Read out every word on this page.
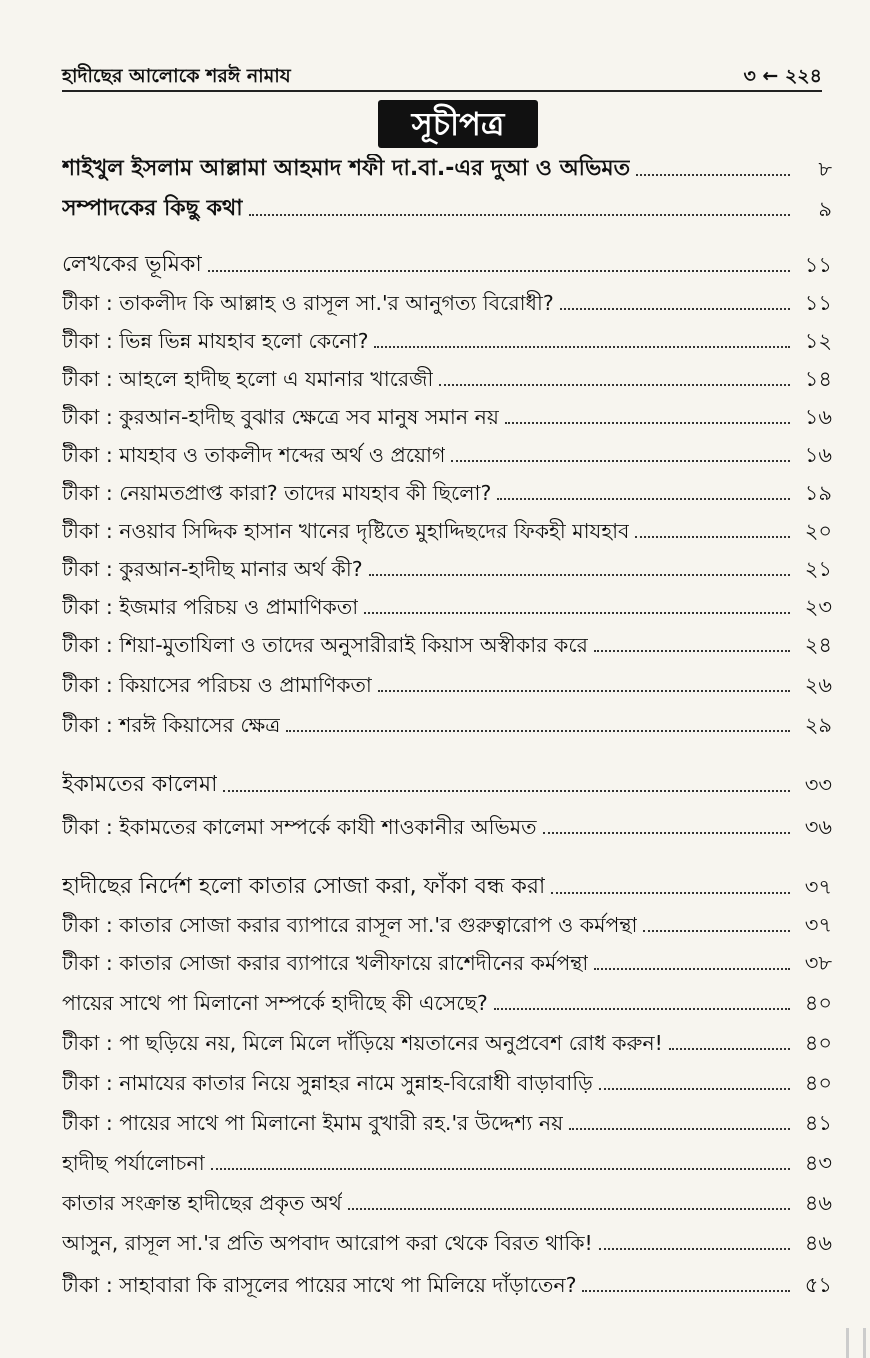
হাদীছের আলোকে শরঈ নামায	৩ ← ২২৪
সূচীপত্র
শাইখুল ইসলাম আল্লামা আহমাদ শফী দা.বা.-এর দুআ ও অভিমত	৮
সম্পাদকের কিছু কথা	৯
লেখকের ভূমিকা	১১
টীকা : তাকলীদ কি আল্লাহ ও রাসূল সা.'র আনুগত্য বিরোধী?	১১
টীকা : ভিন্ন ভিন্ন মাযহাব হলো কেনো?	১২
টীকা : আহলে হাদীছ হলো এ যমানার খারেজী	১৪
টীকা : কুরআন-হাদীছ বুঝার ক্ষেত্রে সব মানুষ সমান নয়	১৬
টীকা : মাযহাব ও তাকলীদ শব্দের অর্থ ও প্রয়োগ	১৬
টীকা : নেয়ামতপ্রাপ্ত কারা? তাদের মাযহাব কী ছিলো?	১৯
টীকা : নওয়াব সিদ্দিক হাসান খানের দৃষ্টিতে মুহাদ্দিছদের ফিকহী মাযহাব	২০
টীকা : কুরআন-হাদীছ মানার অর্থ কী?	২১
টীকা : ইজমার পরিচয় ও প্রামাণিকতা	২৩
টীকা : শিয়া-মুতাযিলা ও তাদের অনুসারীরাই কিয়াস অস্বীকার করে	২৪
টীকা : কিয়াসের পরিচয় ও প্রামাণিকতা	২৬
টীকা : শরঈ কিয়াসের ক্ষেত্র	২৯
ইকামতের কালেমা	৩৩
টীকা : ইকামতের কালেমা সম্পর্কে কাযী শাওকানীর অভিমত	৩৬
হাদীছের নির্দেশ হলো কাতার সোজা করা, ফাঁকা বন্ধ করা	৩৭
টীকা : কাতার সোজা করার ব্যাপারে রাসূল সা.'র গুরুত্বারোপ ও কর্মপন্থা	৩৭
টীকা : কাতার সোজা করার ব্যাপারে খলীফায়ে রাশেদীনের কর্মপন্থা	৩৮
পায়ের সাথে পা মিলানো সম্পর্কে হাদীছে কী এসেছে?	৪০
টীকা : পা ছড়িয়ে নয়, মিলে মিলে দাঁড়িয়ে শয়তানের অনুপ্রবেশ রোধ করুন!	৪০
টীকা : নামাযের কাতার নিয়ে সুন্নাহর নামে সুন্নাহ-বিরোধী বাড়াবাড়ি	৪০
টীকা : পায়ের সাথে পা মিলানো ইমাম বুখারী রহ.'র উদ্দেশ্য নয়	৪১
হাদীছ পর্যালোচনা	৪৩
কাতার সংক্রান্ত হাদীছের প্রকৃত অর্থ	৪৬
আসুন, রাসূল সা.'র প্রতি অপবাদ আরোপ করা থেকে বিরত থাকি!	৪৬
টীকা : সাহাবারা কি রাসূলের পায়ের সাথে পা মিলিয়ে দাঁড়াতেন?	৫১
